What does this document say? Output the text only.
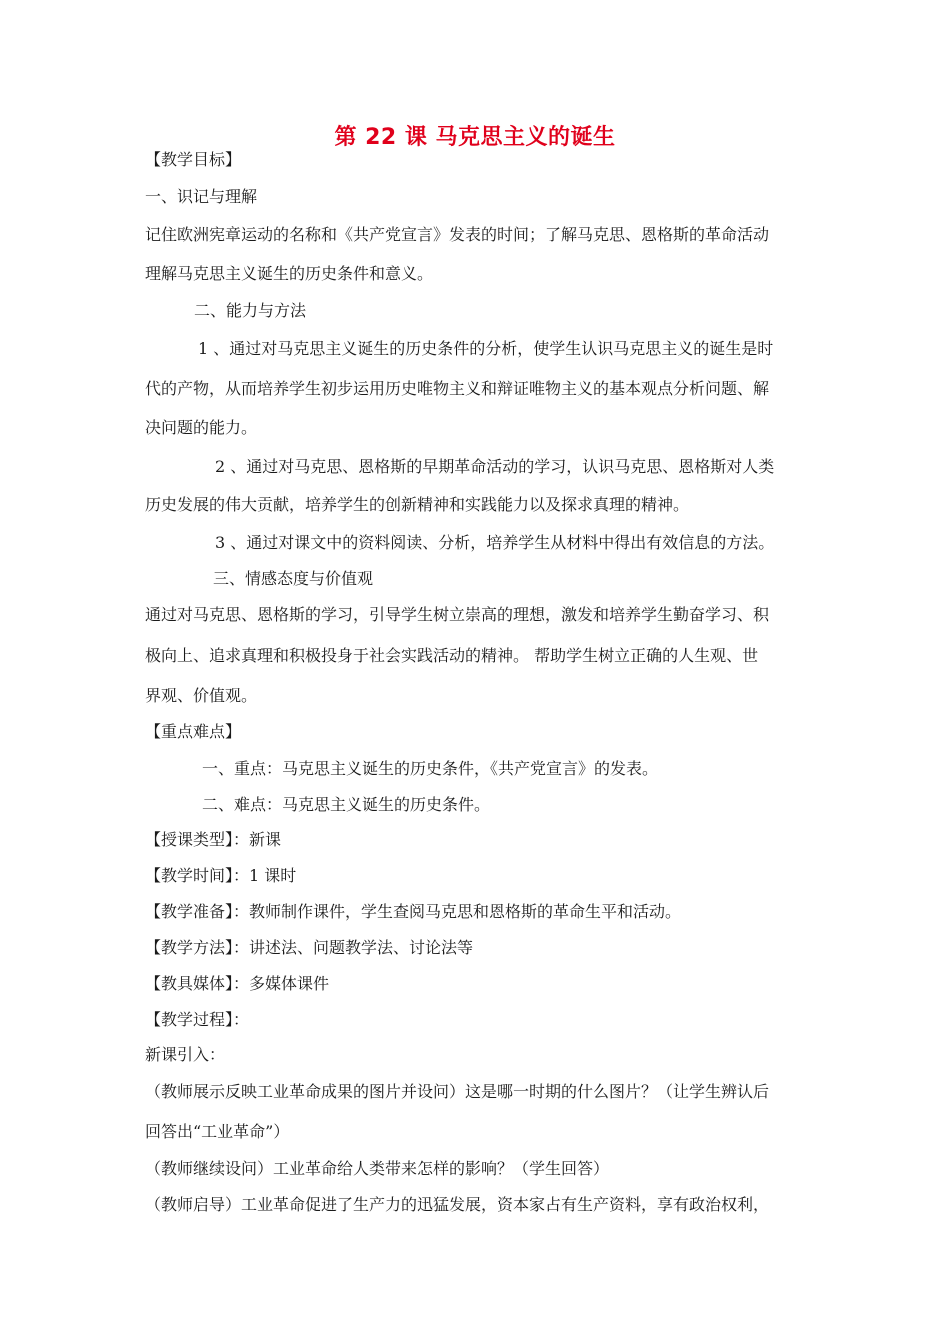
第 22 课 马克思主义的诞生
【教学目标】
一、识记与理解
记住欧洲宪章运动的名称和《共产党宣言》发表的时间；了解马克思、恩格斯的革命活动
理解马克思主义诞生的历史条件和意义。
二、能力与方法
1 、通过对马克思主义诞生的历史条件的分析，使学生认识马克思主义的诞生是时
代的产物，从而培养学生初步运用历史唯物主义和辩证唯物主义的基本观点分析问题、解
决问题的能力。
2 、通过对马克思、恩格斯的早期革命活动的学习，认识马克思、恩格斯对人类
历史发展的伟大贡献，培养学生的创新精神和实践能力以及探求真理的精神。
3 、通过对课文中的资料阅读、分析，培养学生从材料中得出有效信息的方法。
三、情感态度与价值观
通过对马克思、恩格斯的学习，引导学生树立崇高的理想，激发和培养学生勤奋学习、积
极向上、追求真理和积极投身于社会实践活动的精神。 帮助学生树立正确的人生观、世
界观、价值观。
【重点难点】
一、重点：马克思主义诞生的历史条件，《共产党宣言》的发表。
二、难点：马克思主义诞生的历史条件。
【授课类型】：新课
【教学时间】：1 课时
【教学准备】：教师制作课件，学生查阅马克思和恩格斯的革命生平和活动。
【教学方法】：讲述法、问题教学法、讨论法等
【教具媒体】：多媒体课件
【教学过程】：
新课引入：
（教师展示反映工业革命成果的图片并设问）这是哪一时期的什么图片？（让学生辨认后
回答出“工业革命”）
（教师继续设问）工业革命给人类带来怎样的影响？（学生回答）
（教师启导）工业革命促进了生产力的迅猛发展，资本家占有生产资料，享有政治权利，
